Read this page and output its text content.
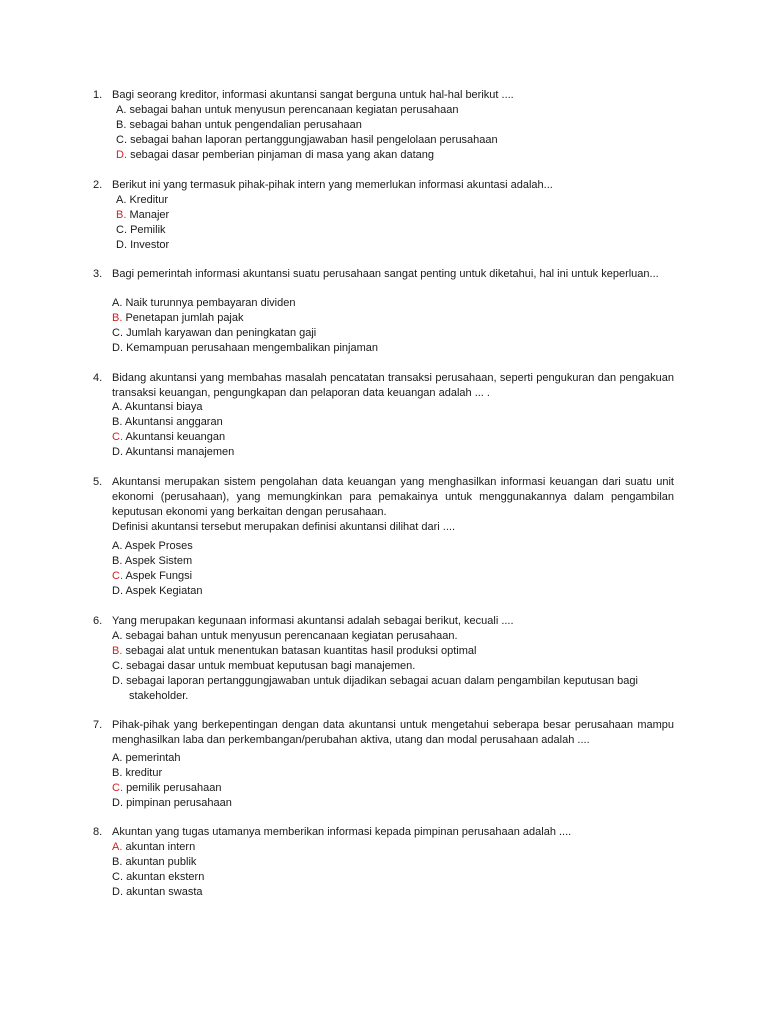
1. Bagi seorang kreditor, informasi akuntansi sangat berguna untuk hal-hal berikut ....

A. sebagai bahan untuk menyusun perencanaan kegiatan perusahaan
B. sebagai bahan untuk pengendalian perusahaan
C. sebagai bahan laporan pertanggungjawaban hasil pengelolaan perusahaan
D. sebagai dasar pemberian pinjaman di masa yang akan datang
2. Berikut ini yang termasuk pihak-pihak intern yang memerlukan informasi akuntasi adalah...

A. Kreditur
B. Manajer
C. Pemilik
D. Investor
3. Bagi pemerintah informasi akuntansi suatu perusahaan sangat penting untuk diketahui, hal ini untuk keperluan...

A. Naik turunnya pembayaran dividen
B. Penetapan jumlah pajak
C. Jumlah karyawan dan peningkatan gaji
D. Kemampuan perusahaan mengembalikan pinjaman
4. Bidang akuntansi yang membahas masalah pencatatan transaksi perusahaan, seperti pengukuran dan pengakuan transaksi keuangan, pengungkapan dan pelaporan data keuangan adalah ... .

A. Akuntansi biaya
B. Akuntansi anggaran
C. Akuntansi keuangan
D. Akuntansi manajemen
5. Akuntansi merupakan sistem pengolahan data keuangan yang menghasilkan informasi keuangan dari suatu unit ekonomi (perusahaan), yang memungkinkan para pemakainya untuk menggunakannya dalam pengambilan keputusan ekonomi yang berkaitan dengan perusahaan.

Definisi akuntansi tersebut merupakan definisi akuntansi dilihat dari ....

A. Aspek Proses
B. Aspek Sistem
C. Aspek Fungsi
D. Aspek Kegiatan
6. Yang merupakan kegunaan informasi akuntansi adalah sebagai berikut, kecuali ....

A. sebagai bahan untuk menyusun perencanaan kegiatan perusahaan.
B. sebagai alat untuk menentukan batasan kuantitas hasil produksi optimal
C. sebagai dasar untuk membuat keputusan bagi manajemen.
D. sebagai laporan pertanggungjawaban untuk dijadikan sebagai acuan dalam pengambilan keputusan bagi
stakeholder.
7. Pihak-pihak yang berkepentingan dengan data akuntansi untuk mengetahui seberapa besar perusahaan mampu menghasilkan laba dan perkembangan/perubahan aktiva, utang dan modal perusahaan adalah ....

A. pemerintah
B. kreditur
C. pemilik perusahaan
D. pimpinan perusahaan
8. Akuntan yang tugas utamanya memberikan informasi kepada pimpinan perusahaan adalah ....

A. akuntan intern
B. akuntan publik
C. akuntan ekstern
D. akuntan swasta
